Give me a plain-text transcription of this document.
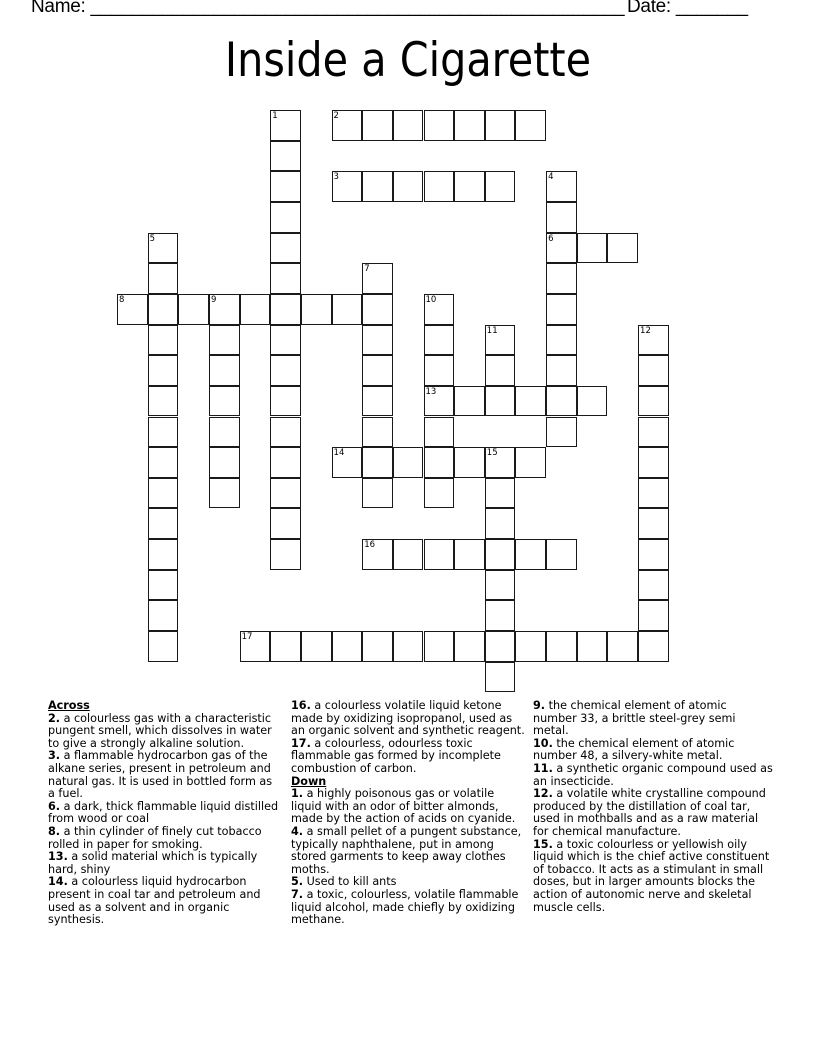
Name: ____________________________________________________ Date: _______
Inside a Cigarette
1	2
3	4
6
5
7
8	9	10
13
11	12
14	15
16
17
Across
2. a colourless gas with a characteristic pungent smell, which dissolves in water to give a strongly alkaline solution.
3. a flammable hydrocarbon gas of the alkane series, present in petroleum and natural gas. It is used in bottled form as a fuel.
6. a dark, thick flammable liquid distilled from wood or coal
8. a thin cylinder of finely cut tobacco rolled in paper for smoking.
13. a solid material which is typically hard, shiny
14. a colourless liquid hydrocarbon present in coal tar and petroleum and used as a solvent and in organic synthesis.
16. a colourless volatile liquid ketone made by oxidizing isopropanol, used as an organic solvent and synthetic reagent.
17. a colourless, odourless toxic flammable gas formed by incomplete combustion of carbon.
Down
1. a highly poisonous gas or volatile liquid with an odor of bitter almonds, made by the action of acids on cyanide.
4. a small pellet of a pungent substance, typically naphthalene, put in among stored garments to keep away clothes moths.
5. Used to kill ants
7. a toxic, colourless, volatile flammable liquid alcohol, made chiefly by oxidizing methane.
9. the chemical element of atomic number 33, a brittle steel-grey semi metal.
10. the chemical element of atomic number 48, a silvery-white metal.
11. a synthetic organic compound used as an insecticide.
12. a volatile white crystalline compound produced by the distillation of coal tar, used in mothballs and as a raw material for chemical manufacture.
15. a toxic colourless or yellowish oily liquid which is the chief active constituent of tobacco. It acts as a stimulant in small doses, but in larger amounts blocks the action of autonomic nerve and skeletal muscle cells.
